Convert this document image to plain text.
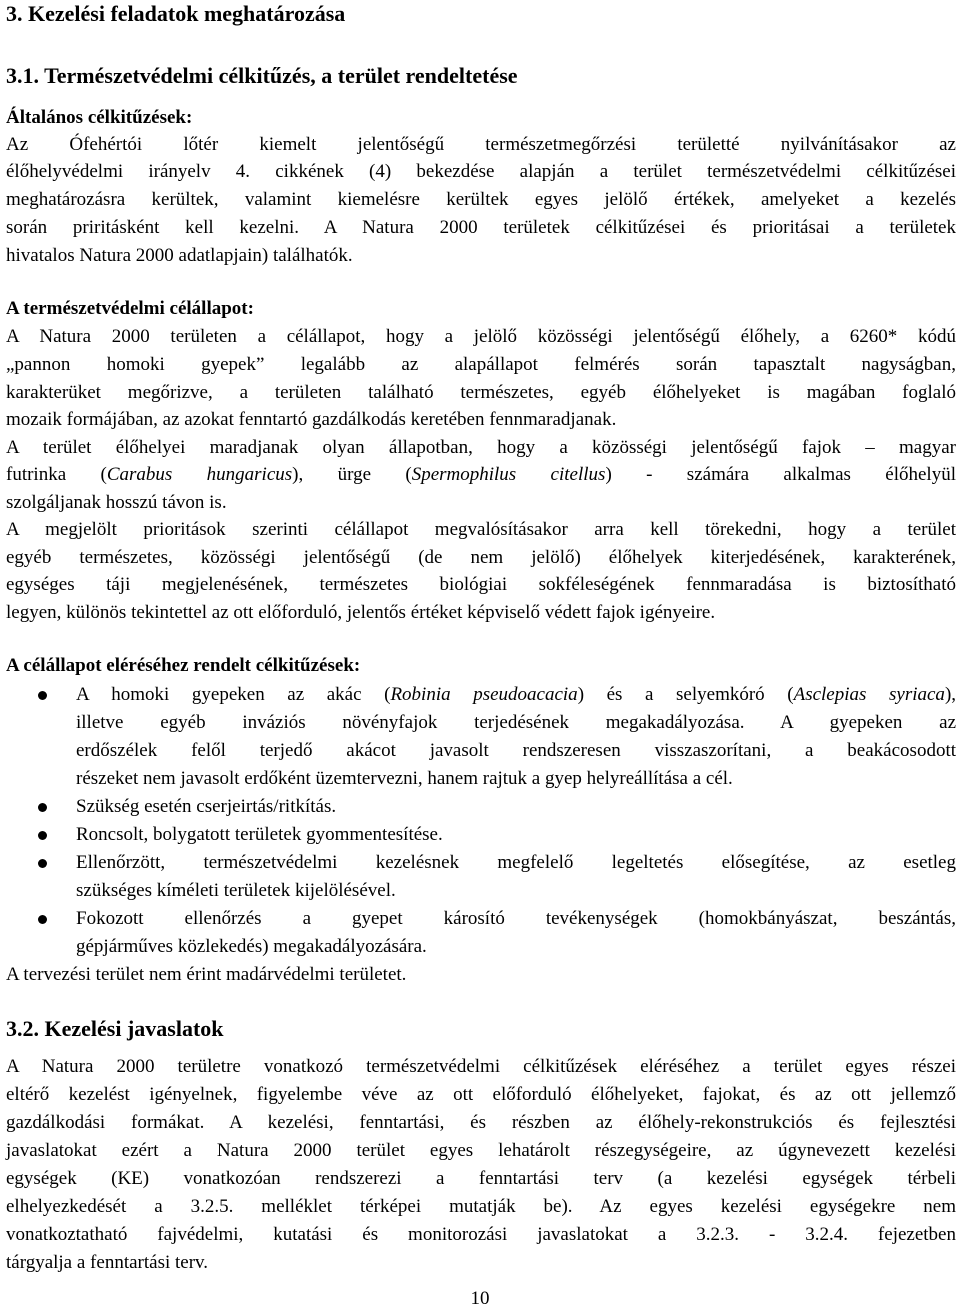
3. Kezelési feladatok meghatározása
3.1. Természetvédelmi célkitűzés, a terület rendeltetése
Általános célkitűzések:
Az Ófehértói lőtér kiemelt jelentőségű természetmegőrzési területté nyilvánításakor az
élőhelyvédelmi irányelv 4. cikkének (4) bekezdése alapján a terület természetvédelmi célkitűzései
meghatározásra kerültek, valamint kiemelésre kerültek egyes jelölő értékek, amelyeket a kezelés
során priritásként kell kezelni. A Natura 2000 területek célkitűzései és prioritásai a területek
hivatalos Natura 2000 adatlapjain) találhatók.
A természetvédelmi célállapot:
A Natura 2000 területen a célállapot, hogy a jelölő közösségi jelentőségű élőhely, a 6260* kódú
„pannon homoki gyepek” legalább az alapállapot felmérés során tapasztalt nagyságban,
karakterüket megőrizve, a területen található természetes, egyéb élőhelyeket is magában foglaló
mozaik formájában, az azokat fenntartó gazdálkodás keretében fennmaradjanak.
A terület élőhelyei maradjanak olyan állapotban, hogy a közösségi jelentőségű fajok – magyar
futrinka (Carabus hungaricus), ürge (Spermophilus citellus) - számára alkalmas élőhelyül
szolgáljanak hosszú távon is.
A megjelölt prioritások szerinti célállapot megvalósításakor arra kell törekedni, hogy a terület
egyéb természetes, közösségi jelentőségű (de nem jelölő) élőhelyek kiterjedésének, karakterének,
egységes táji megjelenésének, természetes biológiai sokféleségének fennmaradása is biztosítható
legyen, különös tekintettel az ott előforduló, jelentős értéket képviselő védett fajok igényeire.
A célállapot eléréséhez rendelt célkitűzések:
A homoki gyepeken az akác (Robinia pseudoacacia) és a selyemkóró (Asclepias syriaca),
illetve egyéb inváziós növényfajok terjedésének megakadályozása. A gyepeken az
erdőszélek felől terjedő akácot javasolt rendszeresen visszaszorítani, a beakácosodott
részeket nem javasolt erdőként üzemtervezni, hanem rajtuk a gyep helyreállítása a cél.
Szükség esetén cserjeirtás/ritkítás.
Roncsolt, bolygatott területek gyommentesítése.
Ellenőrzött, természetvédelmi kezelésnek megfelelő legeltetés elősegítése, az esetleg
szükséges kíméleti területek kijelölésével.
Fokozott ellenőrzés a gyepet károsító tevékenységek (homokbányászat, beszántás,
gépjárműves közlekedés) megakadályozására.
A tervezési terület nem érint madárvédelmi területet.
3.2. Kezelési javaslatok
A Natura 2000 területre vonatkozó természetvédelmi célkitűzések eléréséhez a terület egyes részei
eltérő kezelést igényelnek, figyelembe véve az ott előforduló élőhelyeket, fajokat, és az ott jellemző
gazdálkodási formákat. A kezelési, fenntartási, és részben az élőhely-rekonstrukciós és fejlesztési
javaslatokat ezért a Natura 2000 terület egyes lehatárolt részegységeire, az úgynevezett kezelési
egységek (KE) vonatkozóan rendszerezi a fenntartási terv (a kezelési egységek térbeli
elhelyezkedését a 3.2.5. melléklet térképei mutatják be). Az egyes kezelési egységekre nem
vonatkoztatható fajvédelmi, kutatási és monitorozási javaslatokat a 3.2.3. - 3.2.4. fejezetben
tárgyalja a fenntartási terv.
10
